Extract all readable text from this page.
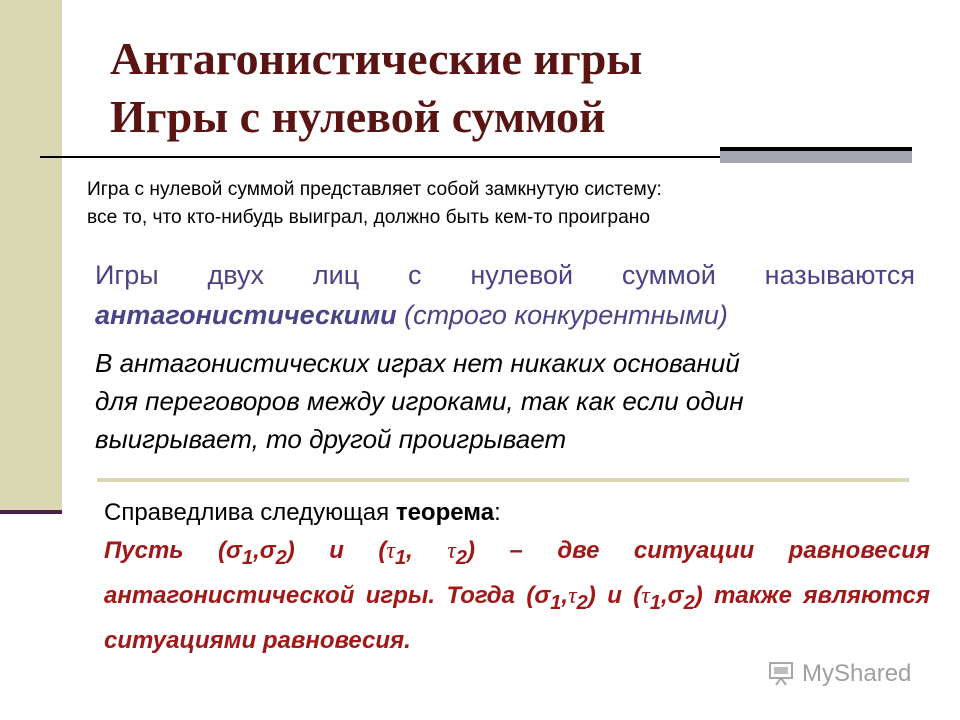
Антагонистические игры
Игры с нулевой суммой
Игра с нулевой суммой представляет собой замкнутую систему:
все то, что кто-нибудь выиграл, должно быть кем-то проиграно
Игры двух лиц с нулевой суммой называются
антагонистическими (строго конкурентными)
В антагонистических играх нет никаких оснований
для переговоров между игроками, так как если один
выигрывает, то другой проигрывает
Справедлива следующая теорема:
Пусть $(\sigma_1,\sigma_2)$ и ($\tau_1$, $\tau_2$) – две ситуации равновесия антагонистической игры. Тогда $(\sigma_1,\tau_2)$ и $(\tau_1,\sigma_2)$ также являются ситуациями равновесия.
MyShared
